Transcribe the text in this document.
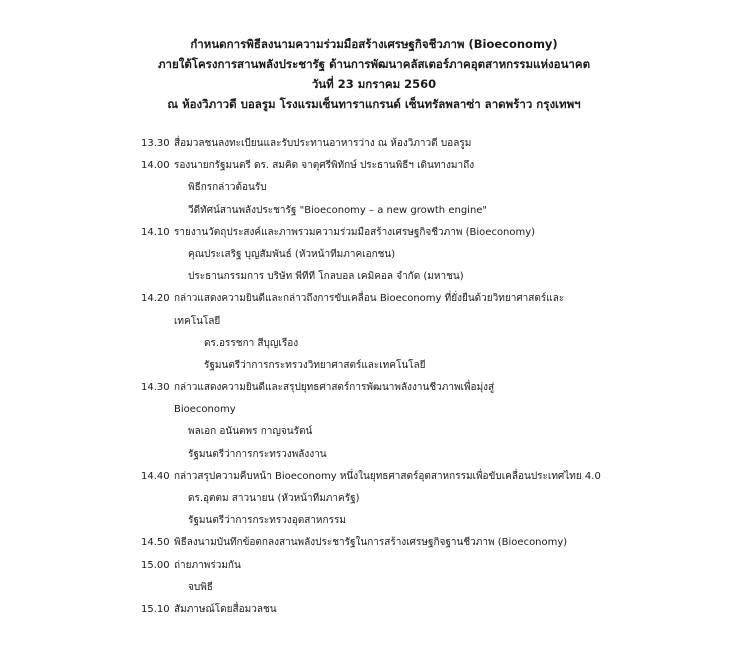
กำหนดการพิธีลงนามความร่วมมือสร้างเศรษฐกิจชีวภาพ (Bioeconomy)
ภายใต้โครงการสานพลังประชารัฐ ด้านการพัฒนาคลัสเตอร์ภาคอุตสาหกรรมแห่งอนาคต
วันที่ 23 มกราคม 2560
ณ ห้องวิภาวดี บอลรูม โรงแรมเซ็นทาราแกรนด์ เซ็นทรัลพลาซ่า ลาดพร้าว กรุงเทพฯ
13.30 สื่อมวลชนลงทะเบียนและรับประทานอาหารว่าง ณ ห้องวิภาวดี บอลรูม
14.00 รองนายกรัฐมนตรี ดร. สมคิด จาตุศรีพิทักษ์ ประธานพิธีฯ เดินทางมาถึง
พิธีกรกล่าวต้อนรับ
วีดีทัศน์สานพลังประชารัฐ "Bioeconomy – a new growth engine"
14.10 รายงานวัตถุประสงค์และภาพรวมความร่วมมือสร้างเศรษฐกิจชีวภาพ (Bioeconomy)
คุณประเสริฐ บุญสัมพันธ์ (หัวหน้าทีมภาคเอกชน)
ประธานกรรมการ บริษัท พีทีที โกลบอล เคมิคอล จำกัด (มหาชน)
14.20 กล่าวแสดงความยินดีและกล่าวถึงการขับเคลื่อน Bioeconomy ที่ยั่งยืนด้วยวิทยาศาสตร์และ
เทคโนโลยี
ดร.อรรชกา สีบุญเรือง
รัฐมนตรีว่าการกระทรวงวิทยาศาสตร์และเทคโนโลยี
14.30 กล่าวแสดงความยินดีและสรุปยุทธศาสตร์การพัฒนาพลังงานชีวภาพเพื่อมุ่งสู่
Bioeconomy
พลเอก อนันตพร กาญจนรัตน์
รัฐมนตรีว่าการกระทรวงพลังงาน
14.40 กล่าวสรุปความคืบหน้า Bioeconomy หนึ่งในยุทธศาสตร์อุตสาหกรรมเพื่อขับเคลื่อนประเทศไทย 4.0
ดร.อุตตม สาวนายน (หัวหน้าทีมภาครัฐ)
รัฐมนตรีว่าการกระทรวงอุตสาหกรรม
14.50 พิธีลงนามบันทึกข้อตกลงสานพลังประชารัฐในการสร้างเศรษฐกิจฐานชีวภาพ (Bioeconomy)
15.00 ถ่ายภาพร่วมกัน
จบพิธี
15.10 สัมภาษณ์โดยสื่อมวลชน
